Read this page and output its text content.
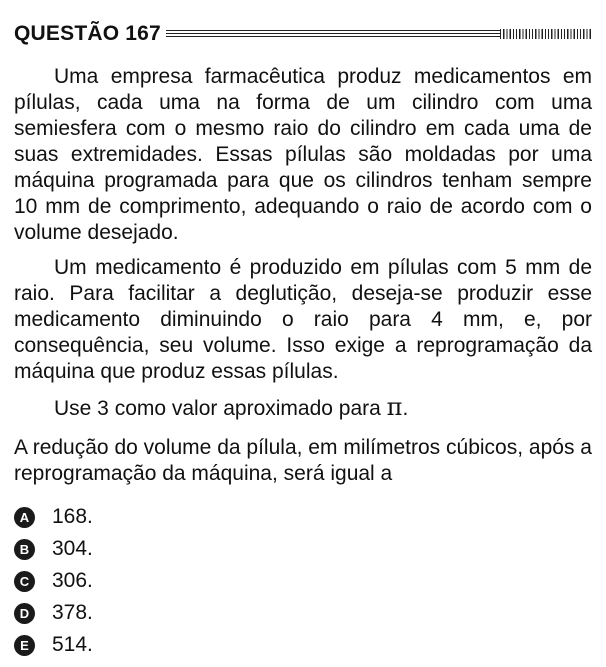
QUESTÃO 167

Uma empresa farmacêutica produz medicamentos em pílulas, cada uma na forma de um cilindro com uma semiesfera com o mesmo raio do cilindro em cada uma de suas extremidades. Essas pílulas são moldadas por uma máquina programada para que os cilindros tenham sempre 10 mm de comprimento, adequando o raio de acordo com o volume desejado.

Um medicamento é produzido em pílulas com 5 mm de raio. Para facilitar a deglutição, deseja-se produzir esse medicamento diminuindo o raio para 4 mm, e, por consequência, seu volume. Isso exige a reprogramação da máquina que produz essas pílulas.

Use 3 como valor aproximado para π.

A redução do volume da pílula, em milímetros cúbicos, após a reprogramação da máquina, será igual a

A 168.
B 304.
C 306.
D 378.
E 514.
